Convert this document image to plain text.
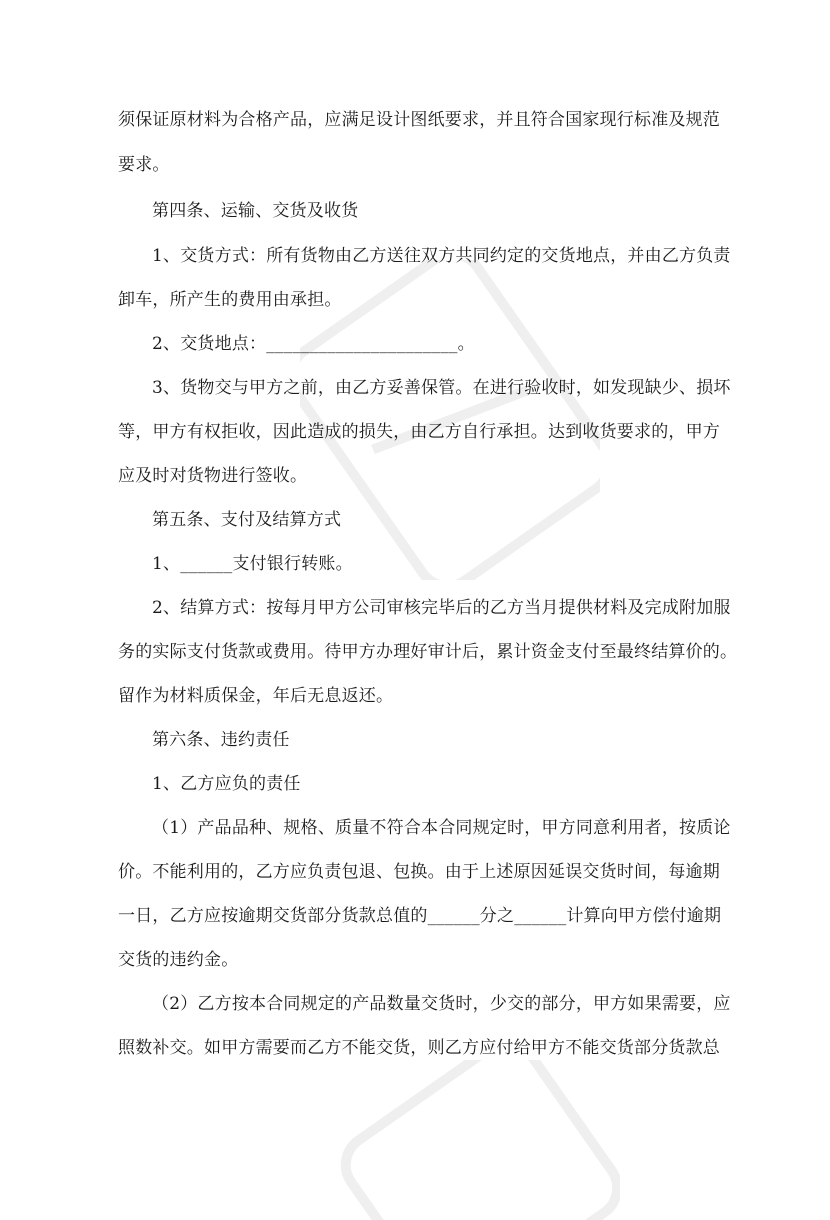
须保证原材料为合格产品，应满足设计图纸要求，并且符合国家现行标准及规范
要求。
第四条、运输、交货及收货
1、交货方式：所有货物由乙方送往双方共同约定的交货地点，并由乙方负责
卸车，所产生的费用由承担。
2、交货地点：______________________。
3、货物交与甲方之前，由乙方妥善保管。在进行验收时，如发现缺少、损坏
等，甲方有权拒收，因此造成的损失，由乙方自行承担。达到收货要求的，甲方
应及时对货物进行签收。
第五条、支付及结算方式
1、______支付银行转账。
2、结算方式：按每月甲方公司审核完毕后的乙方当月提供材料及完成附加服
务的实际支付货款或费用。待甲方办理好审计后，累计资金支付至最终结算价的。
留作为材料质保金，年后无息返还。
第六条、违约责任
1、乙方应负的责任
（1）产品品种、规格、质量不符合本合同规定时，甲方同意利用者，按质论
价。不能利用的，乙方应负责包退、包换。由于上述原因延误交货时间，每逾期
一日，乙方应按逾期交货部分货款总值的______分之______计算向甲方偿付逾期
交货的违约金。
（2）乙方按本合同规定的产品数量交货时，少交的部分，甲方如果需要，应
照数补交。如甲方需要而乙方不能交货，则乙方应付给甲方不能交货部分货款总
